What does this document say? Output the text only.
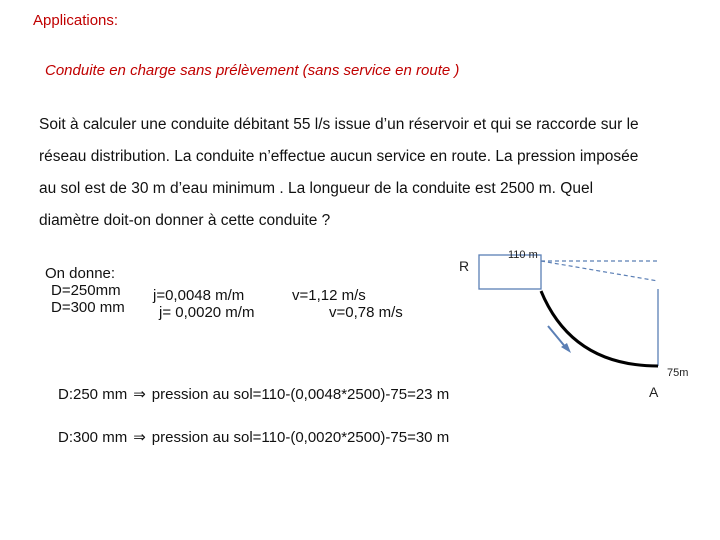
Applications:
Conduite en charge sans prélèvement (sans service en route )
Soit à calculer une conduite débitant 55 l/s issue d’un réservoir et qui se raccorde sur le
réseau distribution. La conduite n’effectue aucun service en route. La pression imposée
au sol est de 30 m d’eau minimum . La longueur de la conduite est 2500 m. Quel
diamètre doit-on donner à cette conduite ?
On donne:
D=250mm
D=300 mm
j=0,0048 m/m
j= 0,0020 m/m
v=1,12 m/s
v=0,78 m/s
D:250 mm ⇒ pression au sol=110-(0,0048*2500)-75=23 m
D:300 mm ⇒ pression au sol=110-(0,0020*2500)-75=30 m
R
110 m
75m
A
